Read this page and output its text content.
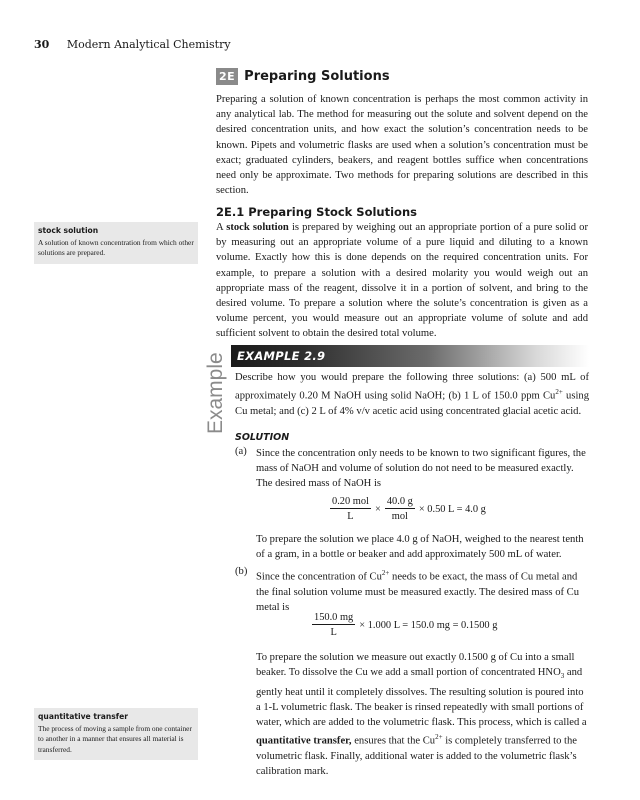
30 Modern Analytical Chemistry
2E Preparing Solutions

Preparing a solution of known concentration is perhaps the most common activity in any analytical lab. The method for measuring out the solute and solvent depend on the desired concentration units, and how exact the solution’s concentration needs to be known. Pipets and volumetric flasks are used when a solution’s concentration must be exact; graduated cylinders, beakers, and reagent bottles suffice when concentrations need only be approximate. Two methods for preparing solutions are described in this section.

2E.1 Preparing Stock Solutions

A stock solution is prepared by weighing out an appropriate portion of a pure solid or by measuring out an appropriate volume of a pure liquid and diluting to a known volume. Exactly how this is done depends on the required concentration units. For example, to prepare a solution with a desired molarity you would weigh out an appropriate mass of the reagent, dissolve it in a portion of solvent, and bring to the desired volume. To prepare a solution where the solute’s concentration is given as a volume percent, you would measure out an appropriate volume of solute and add sufficient solvent to obtain the desired total volume.

stock solution
A solution of known concentration from which other solutions are prepared.
quantitative transfer
The process of moving a sample from one container to another in a manner that ensures all material is transferred.
Example EXAMPLE 2.9

Describe how you would prepare the following three solutions: (a) 500 mL of approximately 0.20 M NaOH using solid NaOH; (b) 1 L of 150.0 ppm $Cu^{2+}$ using Cu metal; and (c) 2 L of 4% v/v acetic acid using concentrated glacial acetic acid.

SOLUTION
(a) Since the concentration only needs to be known to two significant figures, the mass of NaOH and volume of solution do not need to be measured exactly. The desired mass of NaOH is

$\frac{\text{0.20 mol}}{L} \times \frac{40.0 g}{\text{mol}} \times 0.50$ L = 4.0 g

To prepare the solution we place 4.0 g of NaOH, weighed to the nearest tenth of a gram, in a bottle or beaker and add approximately 500 mL of water.

(b)

Since the concentration of $Cu^{2+}$ needs to be exact, the mass of Cu metal and the final solution volume must be measured exactly. The desired mass of Cu metal is

$\frac{150.0 mg}{L} \times 1.000$ L = 150.0 mg = 0.1500 g

To prepare the solution we measure out exactly 0.1500 g of Cu into a small beaker. To dissolve the Cu we add a small portion of concentrated $HNO_3$ and gently heat until it completely dissolves. The resulting solution is poured into a 1-L volumetric flask. The beaker is rinsed repeatedly with small portions of water, which are added to the volumetric flask. This process, which is called a quantitative transfer, ensures that the $Cu^{2+}$ is completely transferred to the volumetric flask. Finally, additional water is added to the volumetric flask’s calibration mark.
